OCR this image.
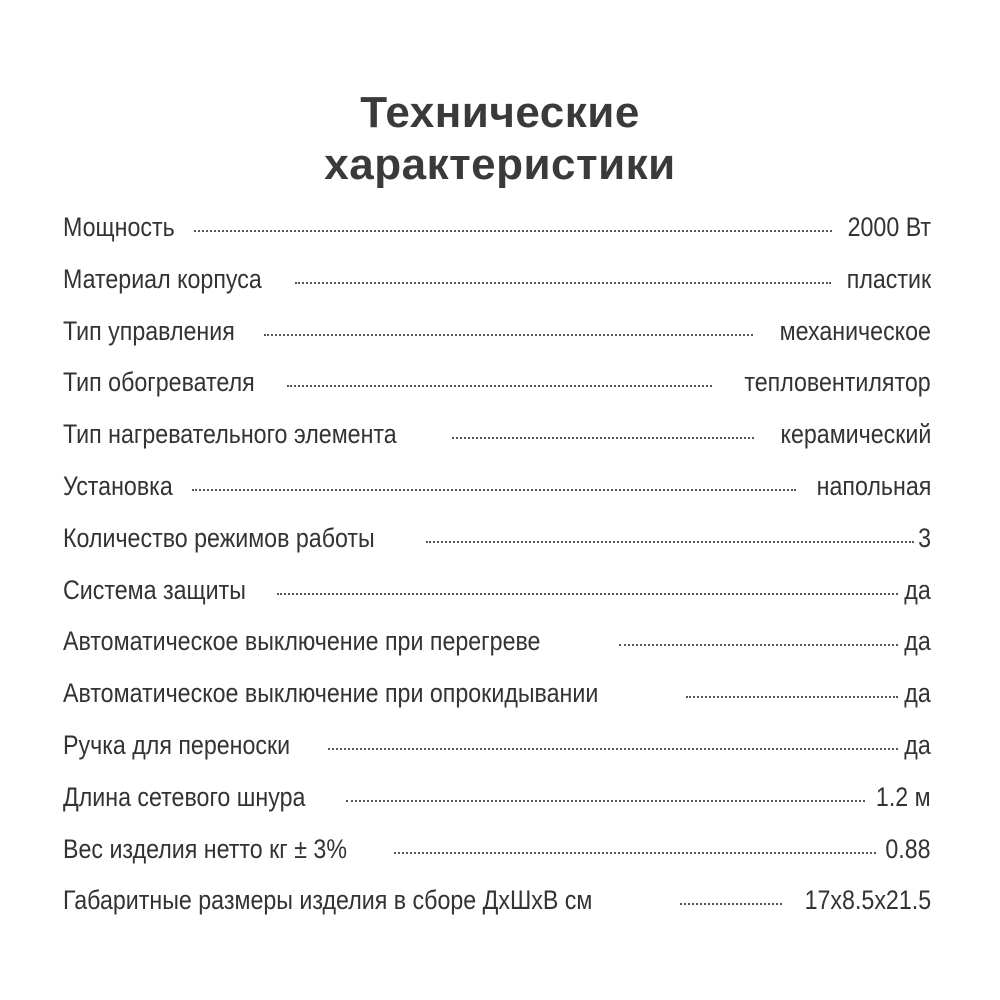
Технические
характеристики
Мощность	2000 Вт
Материал корпуса	пластик
Тип управления	механическое
Тип обогревателя	тепловентилятор
Тип нагревательного элемента	керамический
Установка	напольная
Количество режимов работы	3
Система защиты	да
Автоматическое выключение при перегреве	да
Автоматическое выключение при опрокидывании	да
Ручка для переноски	да
Длина сетевого шнура	1.2 м
Вес изделия нетто кг ± 3%	0.88
Габаритные размеры изделия в сборе ДхШхВ см	17x8.5x21.5
